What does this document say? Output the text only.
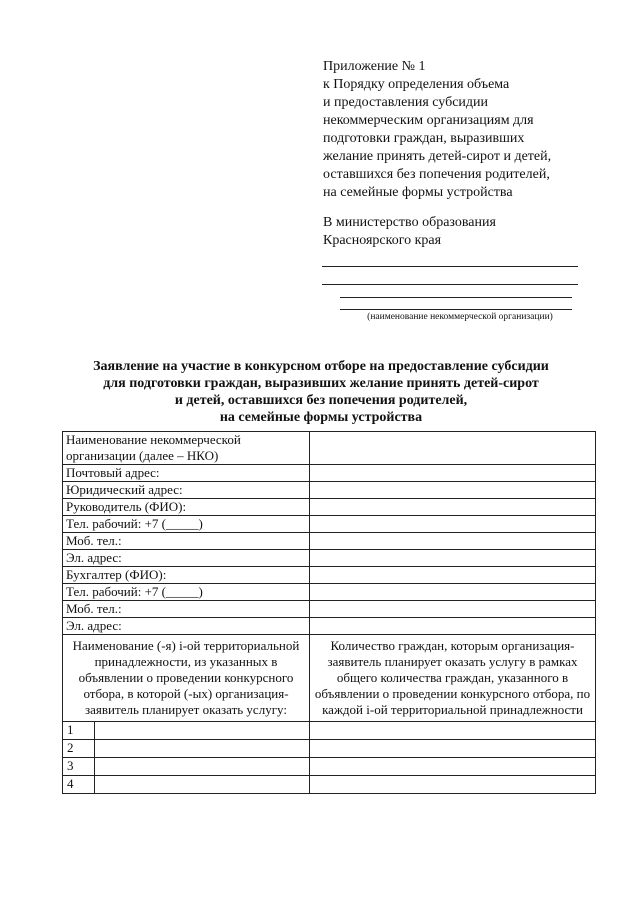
Приложение № 1
к Порядку определения объема
и предоставления субсидии
некоммерческим организациям для
подготовки граждан, выразивших
желание принять детей-сирот и детей,
оставшихся без попечения родителей,
на семейные формы устройства
В министерство образования
Красноярского края
(наименование некоммерческой организации)
Заявление на участие в конкурсном отборе на предоставление субсидии
для подготовки граждан, выразивших желание принять детей-сирот
и детей, оставшихся без попечения родителей,
на семейные формы устройства
Наименование некоммерческой организации (далее – НКО)		
Почтовый адрес:		
Юридический адрес:		
Руководитель (ФИО):		
Тел. рабочий: +7 (_____)		
Моб. тел.:		
Эл. адрес:		
Бухгалтер (ФИО):		
Тел. рабочий: +7 (_____)		
Моб. тел.:		
Эл. адрес:		
Наименование (-я) i-ой территориальной принадлежности, из указанных в объявлении о проведении конкурсного отбора, в которой (-ых) организация-заявитель планирует оказать услугу:		Количество граждан, которым организация-заявитель планирует оказать услугу в рамках общего количества граждан, указанного в объявлении о проведении конкурсного отбора, по каждой i-ой территориальной принадлежности
1		
2		
3		
4		
